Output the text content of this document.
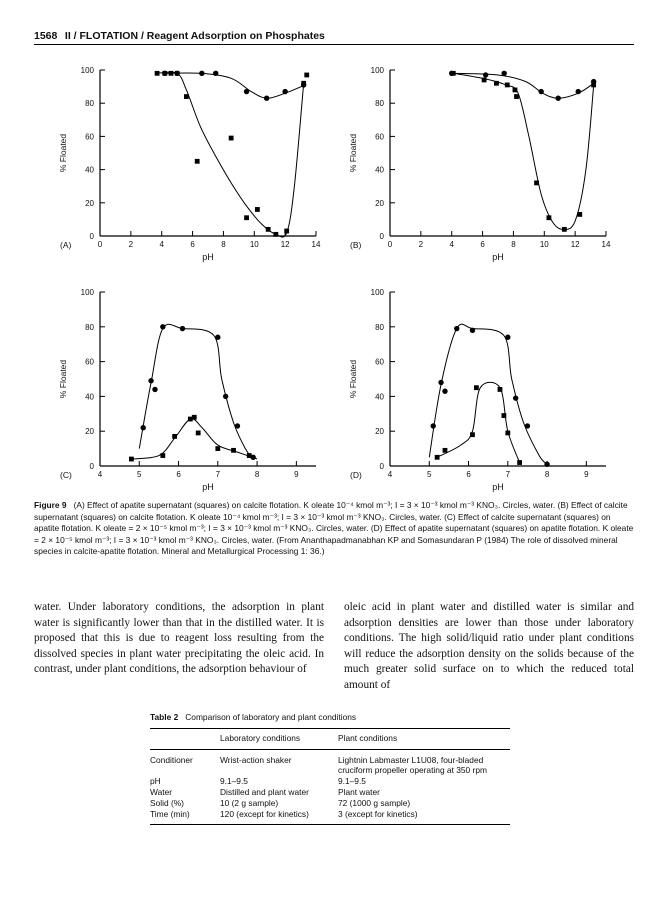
1568 II / FLOTATION / Reagent Adsorption on Phosphates
0
20
40
60
80
100
0	2	4	6	8	10	12	14
% Floated
pH
(A)
0
20
40
60
80
100
0	2	4	6	8	10	12	14
% Floated
pH
(B)
0
20
40
60
80
100
4	5	6	7	8	9
% Floated
pH
(C)
0
20
40
60
80
100
4	5	6	7	8	9
% Floated
pH
(D)
Figure 9 (A) Effect of apatite supernatant (squares) on calcite flotation. K oleate 10⁻⁴ kmol m⁻³; I = 3 × 10⁻³ kmol m⁻³ KNO₃. Circles, water. (B) Effect of calcite supernatant (squares) on calcite flotation. K oleate 10⁻⁴ kmol m⁻³; I = 3 × 10⁻³ kmol m⁻³ KNO₃. Circles, water. (C) Effect of calcite supernatant (squares) on apatite flotation. K oleate = 2 × 10⁻⁵ kmol m⁻³; I = 3 × 10⁻³ kmol m⁻³ KNO₃. Circles, water. (D) Effect of apatite supernatant (squares) on apatite flotation. K oleate = 2 × 10⁻⁵ kmol m⁻³; I = 3 × 10⁻³ kmol m⁻³ KNO₃. Circles, water. (From Ananthapadmanabhan KP and Somasundaran P (1984) The role of dissolved mineral species in calcite-apatite flotation. Mineral and Metallurgical Processing 1: 36.)
water. Under laboratory conditions, the adsorption in plant water is significantly lower than that in the distilled water. It is proposed that this is due to reagent loss resulting from the dissolved species in plant water precipitating the oleic acid. In contrast, under plant conditions, the adsorption behaviour of
oleic acid in plant water and distilled water is similar and adsorption densities are lower than those under laboratory conditions. The high solid/liquid ratio under plant conditions will reduce the adsorption density on the solids because of the much greater solid surface on to which the reduced total amount of
Table 2 Comparison of laboratory and plant conditions
	Laboratory conditions	Plant conditions
Conditioner	Wrist-action shaker	Lightnin Labmaster L1U08, four-bladed cruciform propeller operating at 350 rpm
pH	9.1–9.5	9.1–9.5
Water	Distilled and plant water	Plant water
Solid (%)	10 (2 g sample)	72 (1000 g sample)
Time (min)	120 (except for kinetics)	3 (except for kinetics)
